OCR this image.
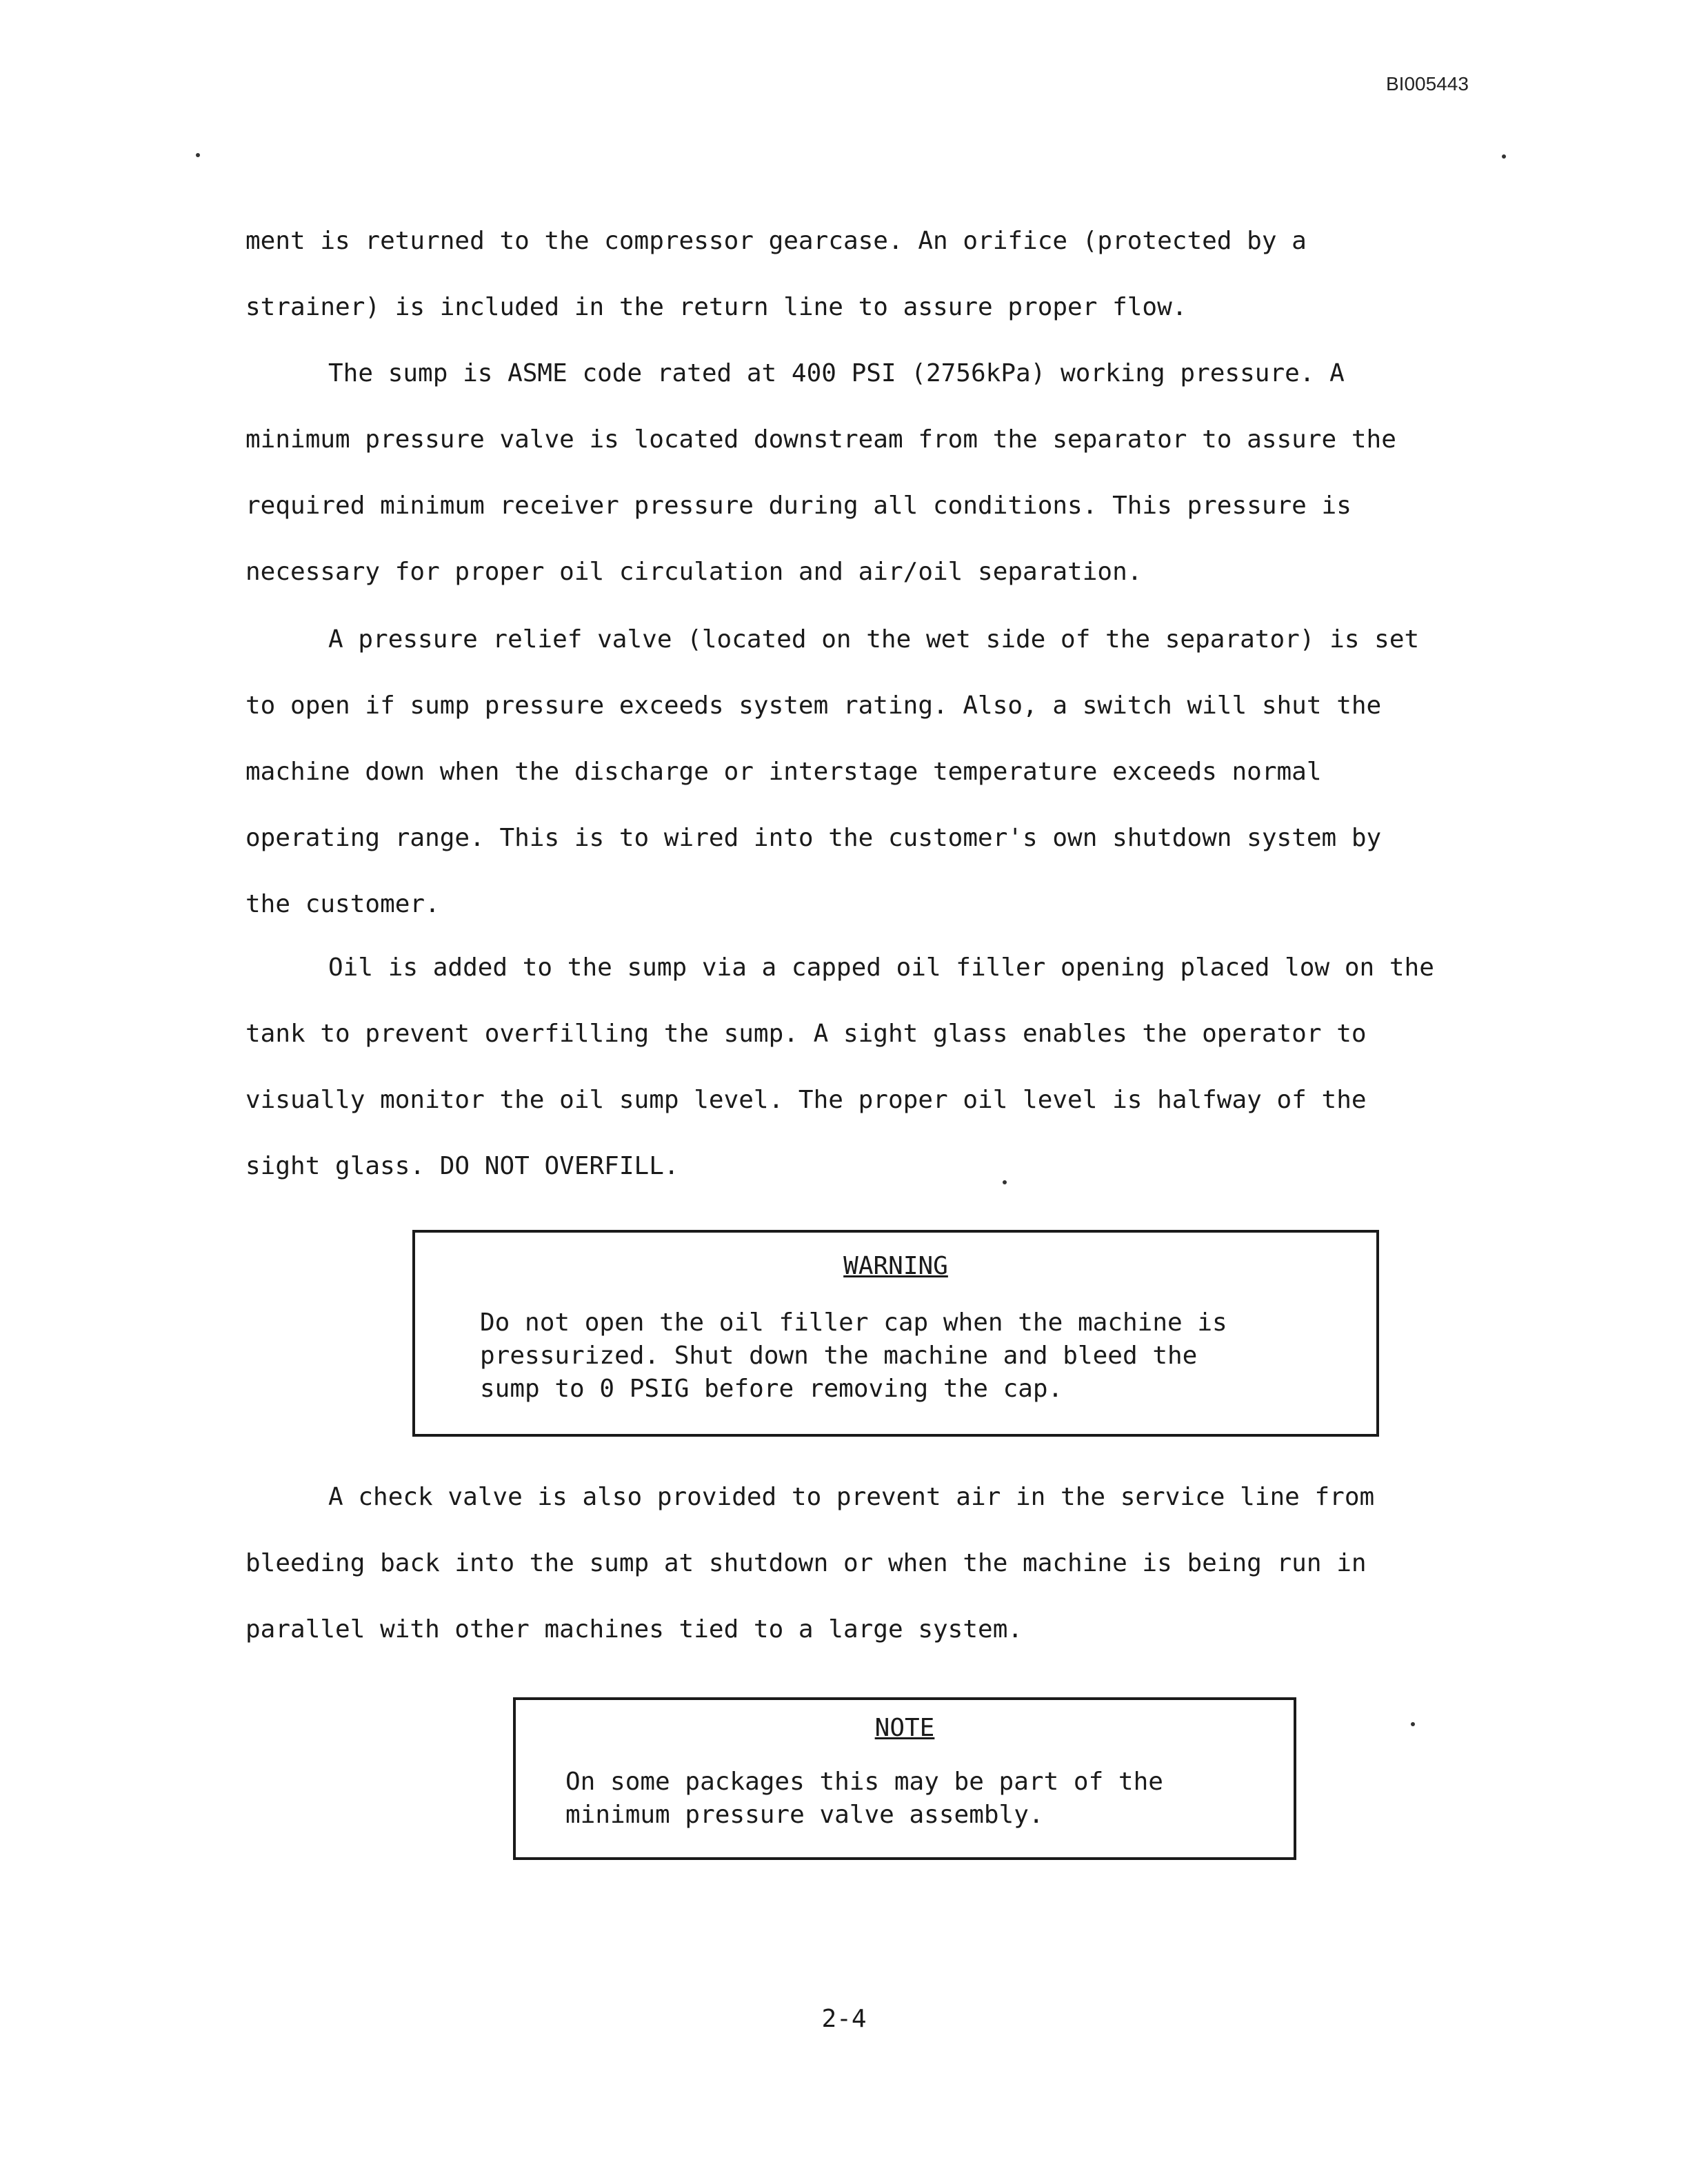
BI005443
ment is returned to the compressor gearcase. An orifice (protected by a
strainer) is included in the return line to assure proper flow.
The sump is ASME code rated at 400 PSI (2756kPa) working pressure. A
minimum pressure valve is located downstream from the separator to assure the
required minimum receiver pressure during all conditions. This pressure is
necessary for proper oil circulation and air/oil separation.
A pressure relief valve (located on the wet side of the separator) is set
to open if sump pressure exceeds system rating. Also, a switch will shut the
machine down when the discharge or interstage temperature exceeds normal
operating range. This is to wired into the customer's own shutdown system by
the customer.
Oil is added to the sump via a capped oil filler opening placed low on the
tank to prevent overfilling the sump. A sight glass enables the operator to
visually monitor the oil sump level. The proper oil level is halfway of the
sight glass. DO NOT OVERFILL.
WARNING
Do not open the oil filler cap when the machine is
pressurized. Shut down the machine and bleed the
sump to 0 PSIG before removing the cap.
A check valve is also provided to prevent air in the service line from
bleeding back into the sump at shutdown or when the machine is being run in
parallel with other machines tied to a large system.
NOTE
On some packages this may be part of the
minimum pressure valve assembly.
2-4
